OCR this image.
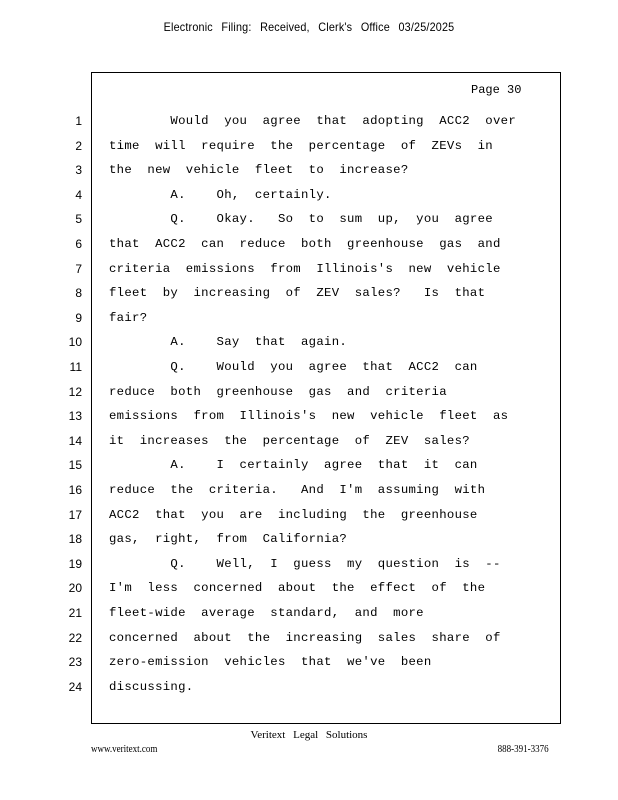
Electronic Filing: Received, Clerk's Office 03/25/2025
Page 30
1 Would  you  agree  that  adopting  ACC2  over
2 time  will  require  the  percentage  of  ZEVs  in
3 the  new  vehicle  fleet  to  increase?
4 A.    Oh,  certainly.
5 Q.    Okay.   So  to  sum  up,  you  agree
6 that  ACC2  can  reduce  both  greenhouse  gas  and
7 criteria  emissions  from  Illinois's  new  vehicle
8 fleet  by  increasing  of  ZEV  sales?   Is  that
9 fair?
10 A.    Say  that  again.
11 Q.    Would  you  agree  that  ACC2  can
12 reduce  both  greenhouse  gas  and  criteria
13 emissions  from  Illinois's  new  vehicle  fleet  as
14 it  increases  the  percentage  of  ZEV  sales?
15 A.    I  certainly  agree  that  it  can
16 reduce  the  criteria.   And  I'm  assuming  with
17 ACC2  that  you  are  including  the  greenhouse
18 gas,  right,  from  California?
19 Q.    Well,  I  guess  my  question  is  --
20 I'm  less  concerned  about  the  effect  of  the
21 fleet-wide  average  standard,  and  more
22 concerned  about  the  increasing  sales  share  of
23 zero-emission  vehicles  that  we've  been
24 discussing.
Veritext Legal Solutions
www.veritext.com	888-391-3376
